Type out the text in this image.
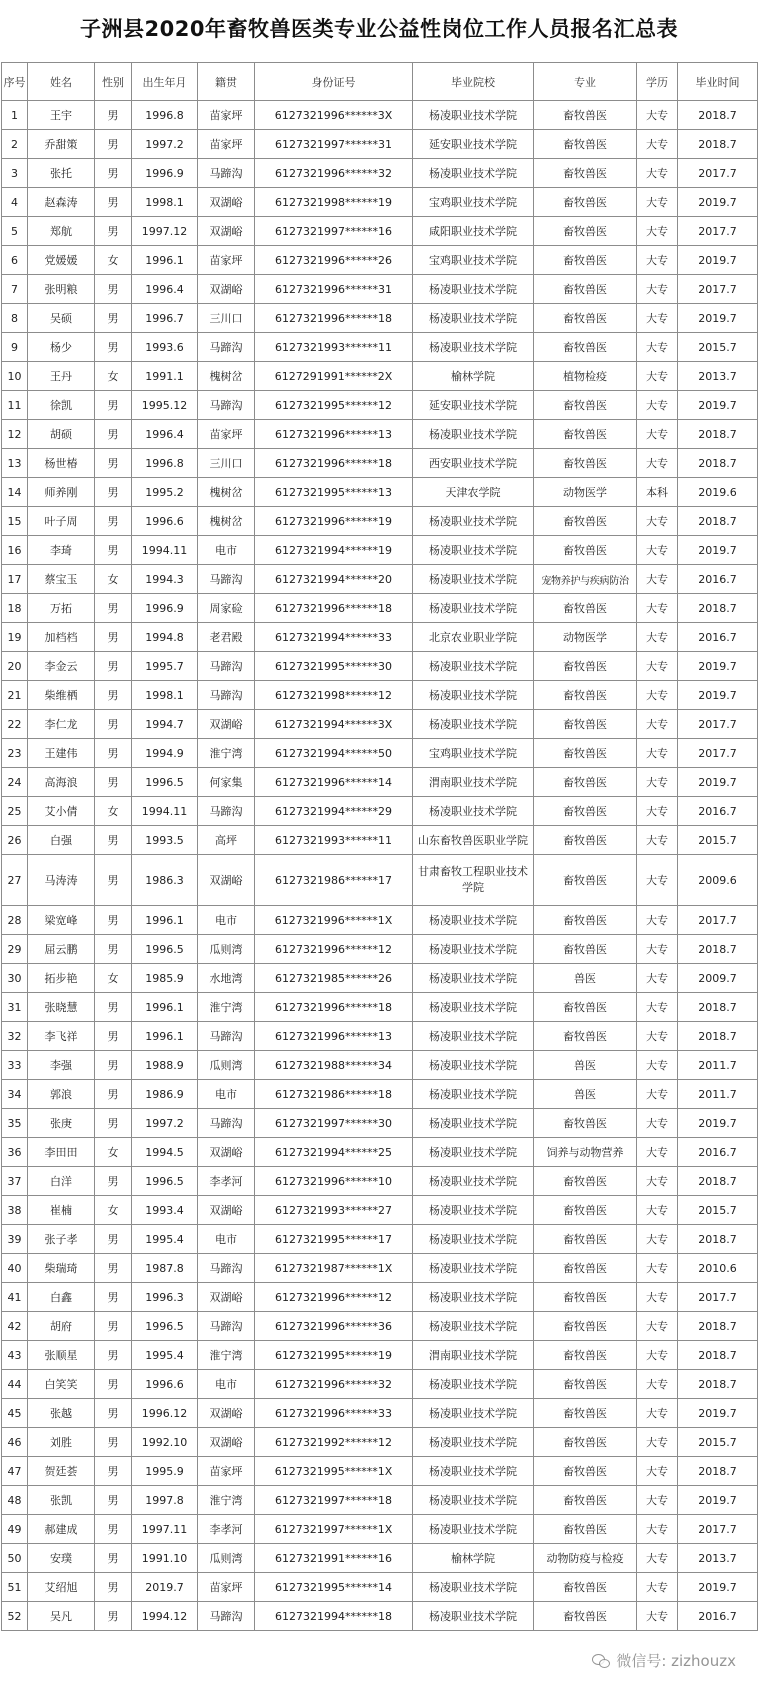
子洲县2020年畜牧兽医类专业公益性岗位工作人员报名汇总表
序号	姓名	性别	出生年月	籍贯	身份证号	毕业院校	专业	学历	毕业时间
1	王宇	男	1996.8	苗家坪	6127321996******3X	杨凌职业技术学院	畜牧兽医	大专	2018.7
2	乔甜策	男	1997.2	苗家坪	6127321997******31	延安职业技术学院	畜牧兽医	大专	2018.7
3	张托	男	1996.9	马蹄沟	6127321996******32	杨凌职业技术学院	畜牧兽医	大专	2017.7
4	赵森涛	男	1998.1	双湖峪	6127321998******19	宝鸡职业技术学院	畜牧兽医	大专	2019.7
5	郑航	男	1997.12	双湖峪	6127321997******16	咸阳职业技术学院	畜牧兽医	大专	2017.7
6	党媛媛	女	1996.1	苗家坪	6127321996******26	宝鸡职业技术学院	畜牧兽医	大专	2019.7
7	张明粮	男	1996.4	双湖峪	6127321996******31	杨凌职业技术学院	畜牧兽医	大专	2017.7
8	吴硕	男	1996.7	三川口	6127321996******18	杨凌职业技术学院	畜牧兽医	大专	2019.7
9	杨少	男	1993.6	马蹄沟	6127321993******11	杨凌职业技术学院	畜牧兽医	大专	2015.7
10	王丹	女	1991.1	槐树岔	6127291991******2X	榆林学院	植物检疫	大专	2013.7
11	徐凯	男	1995.12	马蹄沟	6127321995******12	延安职业技术学院	畜牧兽医	大专	2019.7
12	胡硕	男	1996.4	苗家坪	6127321996******13	杨凌职业技术学院	畜牧兽医	大专	2018.7
13	杨世椿	男	1996.8	三川口	6127321996******18	西安职业技术学院	畜牧兽医	大专	2018.7
14	师养刚	男	1995.2	槐树岔	6127321995******13	天津农学院	动物医学	本科	2019.6
15	叶子周	男	1996.6	槐树岔	6127321996******19	杨凌职业技术学院	畜牧兽医	大专	2018.7
16	李琦	男	1994.11	电市	6127321994******19	杨凌职业技术学院	畜牧兽医	大专	2019.7
17	蔡宝玉	女	1994.3	马蹄沟	6127321994******20	杨凌职业技术学院	宠物养护与疾病防治	大专	2016.7
18	万拓	男	1996.9	周家硷	6127321996******18	杨凌职业技术学院	畜牧兽医	大专	2018.7
19	加档档	男	1994.8	老君殿	6127321994******33	北京农业职业学院	动物医学	大专	2016.7
20	李金云	男	1995.7	马蹄沟	6127321995******30	杨凌职业技术学院	畜牧兽医	大专	2019.7
21	柴维栖	男	1998.1	马蹄沟	6127321998******12	杨凌职业技术学院	畜牧兽医	大专	2019.7
22	李仁龙	男	1994.7	双湖峪	6127321994******3X	杨凌职业技术学院	畜牧兽医	大专	2017.7
23	王建伟	男	1994.9	淮宁湾	6127321994******50	宝鸡职业技术学院	畜牧兽医	大专	2017.7
24	高海浪	男	1996.5	何家集	6127321996******14	渭南职业技术学院	畜牧兽医	大专	2019.7
25	艾小倩	女	1994.11	马蹄沟	6127321994******29	杨凌职业技术学院	畜牧兽医	大专	2016.7
26	白强	男	1993.5	高坪	6127321993******11	山东畜牧兽医职业学院	畜牧兽医	大专	2015.7
27	马涛涛	男	1986.3	双湖峪	6127321986******17	甘肃畜牧工程职业技术学院	畜牧兽医	大专	2009.6
28	梁宽峰	男	1996.1	电市	6127321996******1X	杨凌职业技术学院	畜牧兽医	大专	2017.7
29	屈云鹏	男	1996.5	瓜则湾	6127321996******12	杨凌职业技术学院	畜牧兽医	大专	2018.7
30	拓步艳	女	1985.9	水地湾	6127321985******26	杨凌职业技术学院	兽医	大专	2009.7
31	张晓慧	男	1996.1	淮宁湾	6127321996******18	杨凌职业技术学院	畜牧兽医	大专	2018.7
32	李飞祥	男	1996.1	马蹄沟	6127321996******13	杨凌职业技术学院	畜牧兽医	大专	2018.7
33	李强	男	1988.9	瓜则湾	6127321988******34	杨凌职业技术学院	兽医	大专	2011.7
34	郭浪	男	1986.9	电市	6127321986******18	杨凌职业技术学院	兽医	大专	2011.7
35	张庚	男	1997.2	马蹄沟	6127321997******30	杨凌职业技术学院	畜牧兽医	大专	2019.7
36	李田田	女	1994.5	双湖峪	6127321994******25	杨凌职业技术学院	饲养与动物营养	大专	2016.7
37	白洋	男	1996.5	李孝河	6127321996******10	杨凌职业技术学院	畜牧兽医	大专	2018.7
38	崔楠	女	1993.4	双湖峪	6127321993******27	杨凌职业技术学院	畜牧兽医	大专	2015.7
39	张子孝	男	1995.4	电市	6127321995******17	杨凌职业技术学院	畜牧兽医	大专	2018.7
40	柴瑞琦	男	1987.8	马蹄沟	6127321987******1X	杨凌职业技术学院	畜牧兽医	大专	2010.6
41	白鑫	男	1996.3	双湖峪	6127321996******12	杨凌职业技术学院	畜牧兽医	大专	2017.7
42	胡府	男	1996.5	马蹄沟	6127321996******36	杨凌职业技术学院	畜牧兽医	大专	2018.7
43	张顺星	男	1995.4	淮宁湾	6127321995******19	渭南职业技术学院	畜牧兽医	大专	2018.7
44	白笑笑	男	1996.6	电市	6127321996******32	杨凌职业技术学院	畜牧兽医	大专	2018.7
45	张越	男	1996.12	双湖峪	6127321996******33	杨凌职业技术学院	畜牧兽医	大专	2019.7
46	刘胜	男	1992.10	双湖峪	6127321992******12	杨凌职业技术学院	畜牧兽医	大专	2015.7
47	贺廷荟	男	1995.9	苗家坪	6127321995******1X	杨凌职业技术学院	畜牧兽医	大专	2018.7
48	张凯	男	1997.8	淮宁湾	6127321997******18	杨凌职业技术学院	畜牧兽医	大专	2019.7
49	郝建成	男	1997.11	李孝河	6127321997******1X	杨凌职业技术学院	畜牧兽医	大专	2017.7
50	安璞	男	1991.10	瓜则湾	6127321991******16	榆林学院	动物防疫与检疫	大专	2013.7
51	艾绍旭	男	2019.7	苗家坪	6127321995******14	杨凌职业技术学院	畜牧兽医	大专	2019.7
52	吴凡	男	1994.12	马蹄沟	6127321994******18	杨凌职业技术学院	畜牧兽医	大专	2016.7
微信号: zizhouzx
